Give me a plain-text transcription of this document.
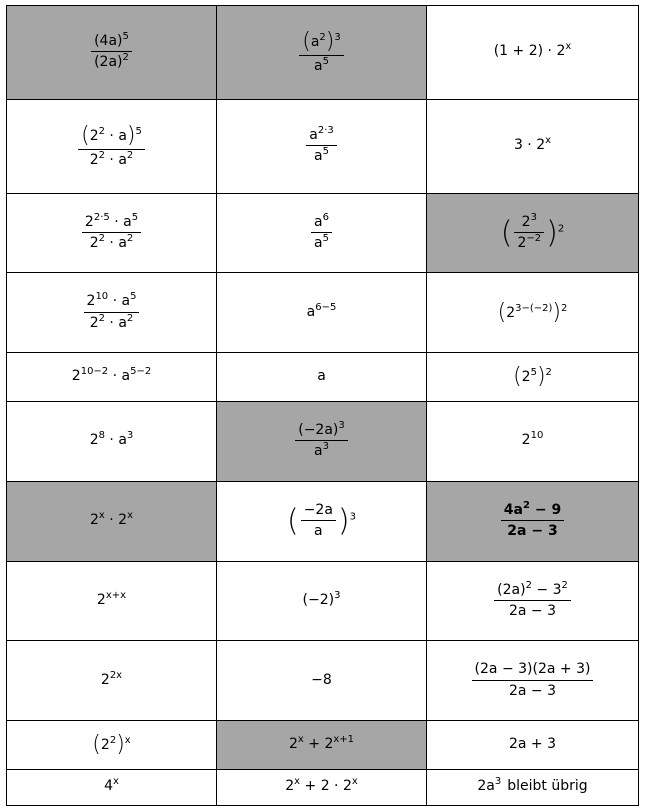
$\frac{(4a)^5}{(2a)^2}$	$\frac{(a^2)^3}{a^5}$	$(1 + 2) \cdot 2^x$

$\frac{(2^2 \cdot a)^5}{2^2 \cdot a^2}$	$\frac{a^{2\cdot 3}}{a^5}$	$3 \cdot 2^x$

$\frac{2^{2\cdot 5} \cdot a^5}{2^2 \cdot a^2}$	$\frac{a^6}{a^5}$	( $\frac{2^3}{2^{-2}} )^2$

$\frac{2^{10} \cdot a^5}{2^2 \cdot a^2}$	$a^{6-5}$	$(2^{3-(-2)})^2$
$2^{10-2} \cdot a^{5-2}$	a	$(2^5)^2$
$2^8 \cdot a^3$	$\frac{(-2a)^3}{a^3}$	$2^{10}$
$2^x \cdot 2^x$	( $\frac{-2a}{a} )^3$	$\frac{4a^2 - 9}{2a - 3}$

$2^{x+x}$	$(-2)^3$	$\frac{(2a)^2 - 3^2}{2a - 3}$

$2^{2x}$	−8	$\frac{(2a - 3)(2a + 3)}{2a - 3}$

$(2^2)^x$	$2^x + 2^{x+1}$	2a + 3
4$^x$	$2^x + 2 \cdot 2^x$	$2a^3$ bleibt übrig
